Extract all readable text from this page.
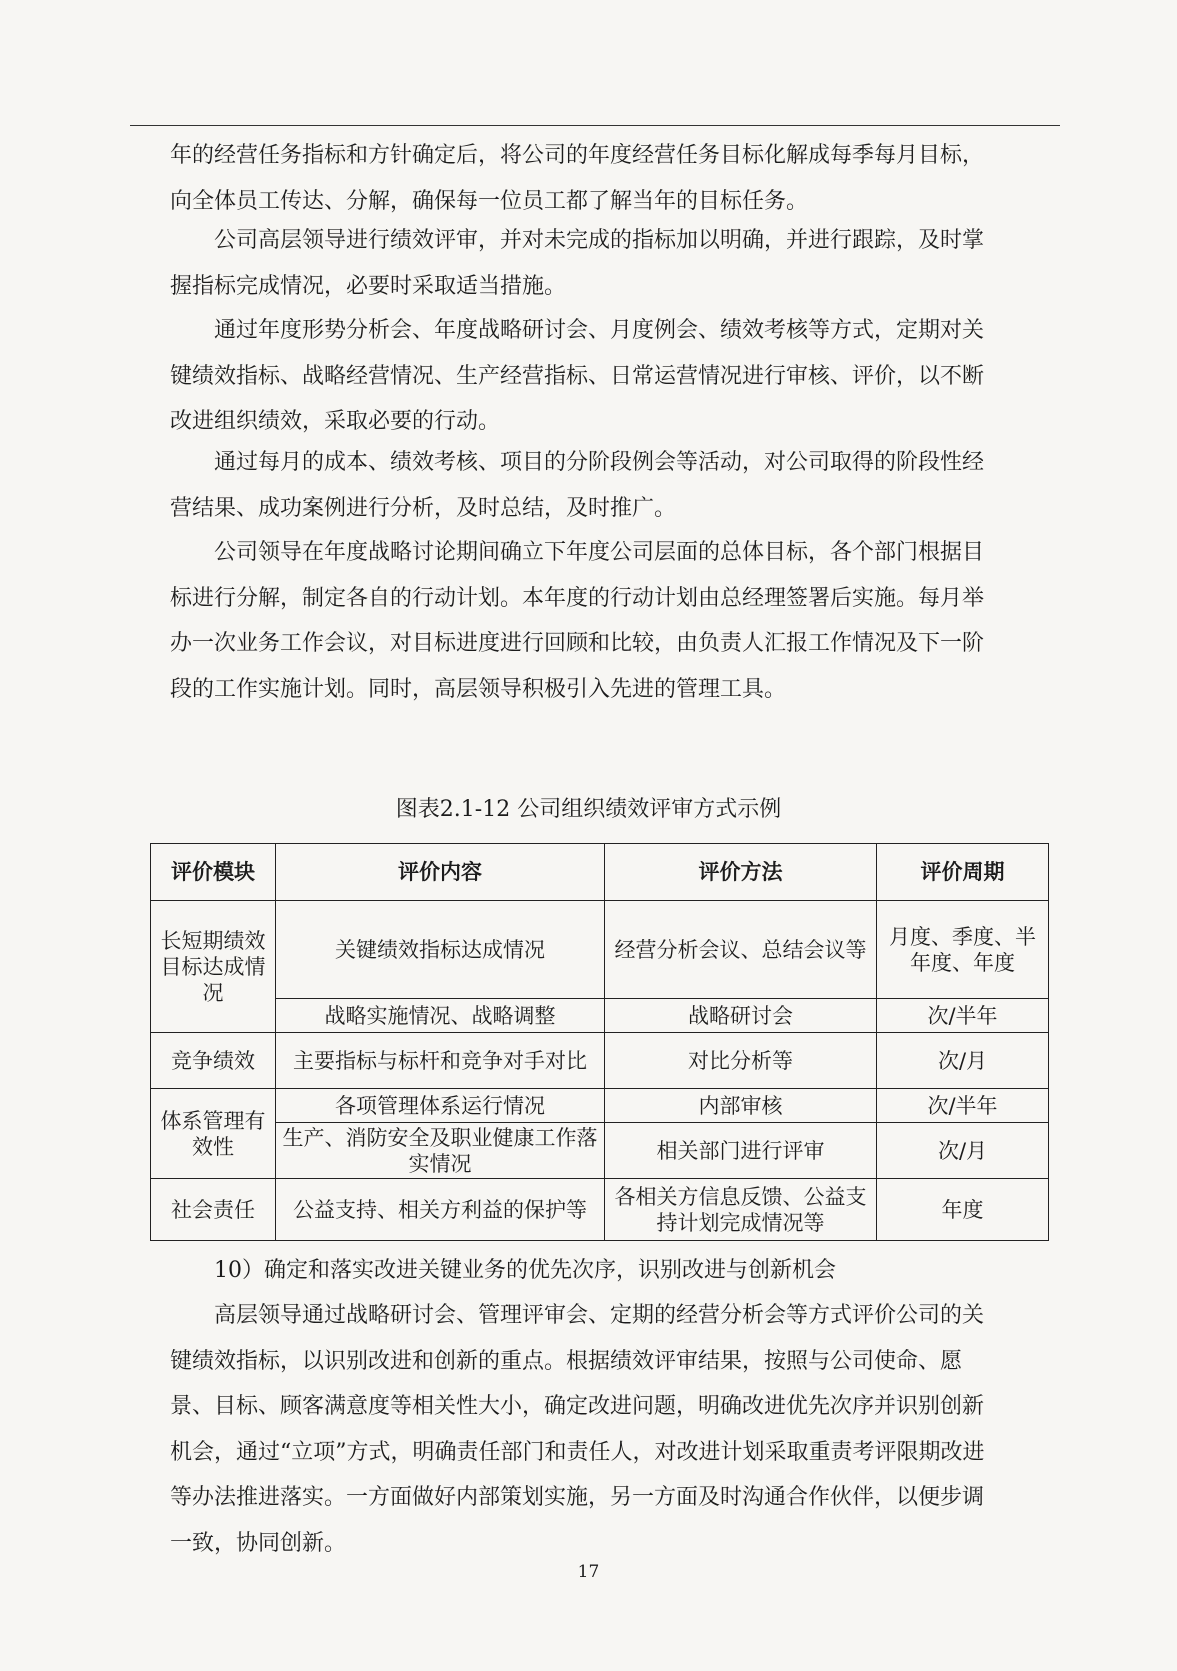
年的经营任务指标和方针确定后，将公司的年度经营任务目标化解成每季每月目标，向全体员工传达、分解，确保每一位员工都了解当年的目标任务。

公司高层领导进行绩效评审，并对未完成的指标加以明确，并进行跟踪，及时掌握指标完成情况，必要时采取适当措施。

通过年度形势分析会、年度战略研讨会、月度例会、绩效考核等方式，定期对关键绩效指标、战略经营情况、生产经营指标、日常运营情况进行审核、评价，以不断改进组织绩效，采取必要的行动。

通过每月的成本、绩效考核、项目的分阶段例会等活动，对公司取得的阶段性经营结果、成功案例进行分析，及时总结，及时推广。

公司领导在年度战略讨论期间确立下年度公司层面的总体目标，各个部门根据目标进行分解，制定各自的行动计划。本年度的行动计划由总经理签署后实施。每月举办一次业务工作会议，对目标进度进行回顾和比较，由负责人汇报工作情况及下一阶段的工作实施计划。同时，高层领导积极引入先进的管理工具。

图表2.1-12 公司组织绩效评审方式示例
评价模块	评价内容	评价方法	评价周期
长短期绩效目标达成情况	关键绩效指标达成情况	经营分析会议、总结会议等	月度、季度、半年度、年度
	战略实施情况、战略调整	战略研讨会	次/半年
竞争绩效	主要指标与标杆和竞争对手对比	对比分析等	次/月
体系管理有效性	各项管理体系运行情况	内部审核	次/半年
	生产、消防安全及职业健康工作落实情况	相关部门进行评审	次/月
社会责任	公益支持、相关方利益的保护等	各相关方信息反馈、公益支持计划完成情况等	年度

10）确定和落实改进关键业务的优先次序，识别改进与创新机会

高层领导通过战略研讨会、管理评审会、定期的经营分析会等方式评价公司的关键绩效指标，以识别改进和创新的重点。根据绩效评审结果，按照与公司使命、愿景、目标、顾客满意度等相关性大小，确定改进问题，明确改进优先次序并识别创新机会，通过“立项”方式，明确责任部门和责任人，对改进计划采取重责考评限期改进等办法推进落实。一方面做好内部策划实施，另一方面及时沟通合作伙伴，以便步调一致，协同创新。

17
